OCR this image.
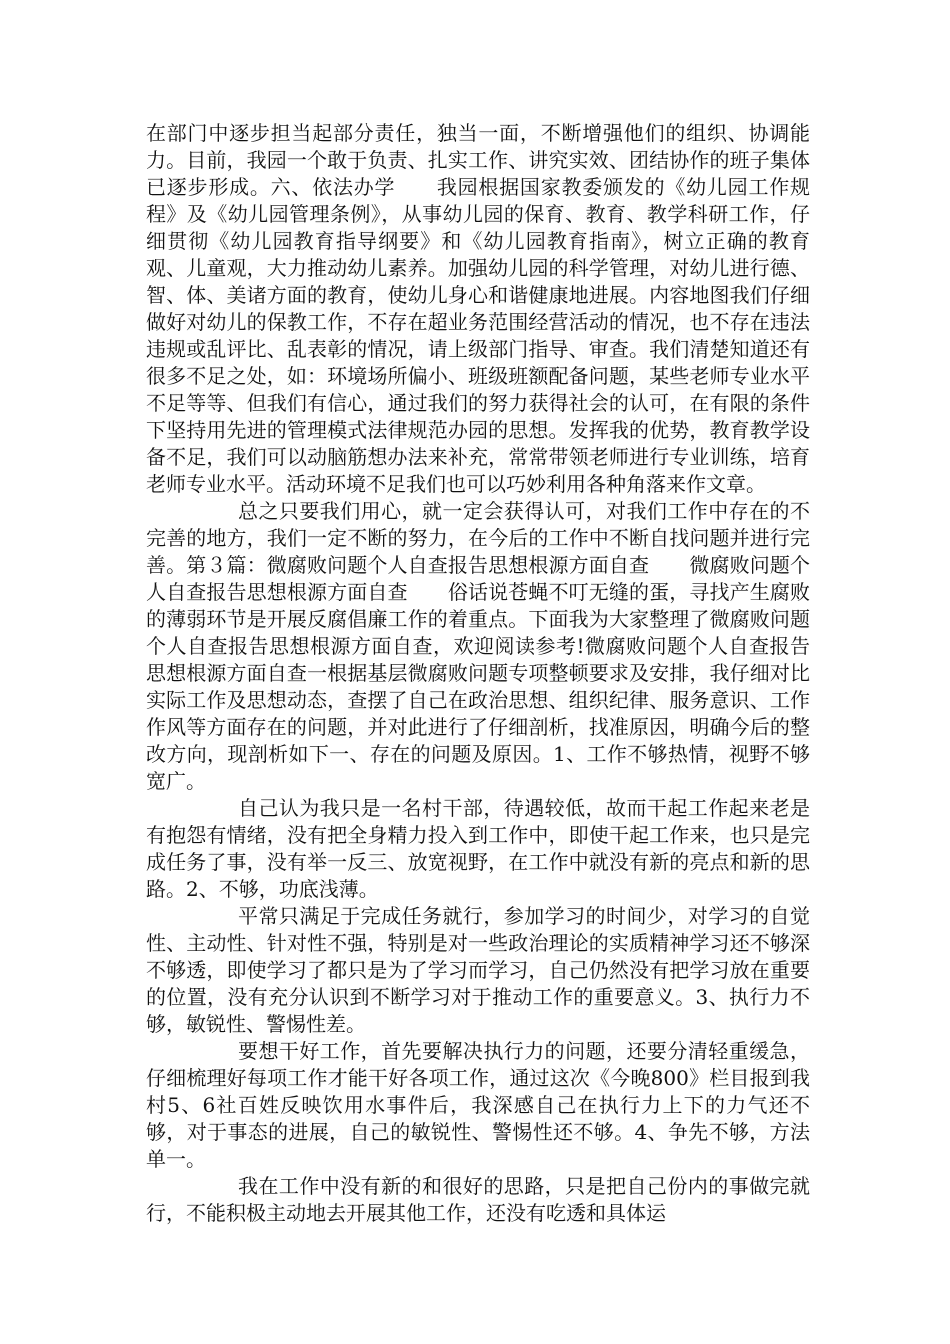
在部门中逐步担当起部分责任，独当一面，不断增强他们的组织、协调能力。目前，我园一个敢于负责、扎实工作、讲究实效、团结协作的班子集体已逐步形成。六、依法办学　　我园根据国家教委颁发的《幼儿园工作规程》及《幼儿园管理条例》，从事幼儿园的保育、教育、教学科研工作，仔细贯彻《幼儿园教育指导纲要》和《幼儿园教育指南》，树立正确的教育观、儿童观，大力推动幼儿素养。加强幼儿园的科学管理，对幼儿进行德、智、体、美诸方面的教育，使幼儿身心和谐健康地进展。内容地图我们仔细做好对幼儿的保教工作，不存在超业务范围经营活动的情况，也不存在违法违规或乱评比、乱表彰的情况，请上级部门指导、审查。我们清楚知道还有很多不足之处，如：环境场所偏小、班级班额配备问题，某些老师专业水平不足等等、但我们有信心，通过我们的努力获得社会的认可，在有限的条件下坚持用先进的管理模式法律规范办园的思想。发挥我的优势，教育教学设备不足，我们可以动脑筋想办法来补充，常常带领老师进行专业训练，培育老师专业水平。活动环境不足我们也可以巧妙利用各种角落来作文章。

总之只要我们用心，就一定会获得认可，对我们工作中存在的不完善的地方，我们一定不断的努力，在今后的工作中不断自找问题并进行完善。第３篇：微腐败问题个人自查报告思想根源方面自查　　微腐败问题个人自查报告思想根源方面自查　　俗话说苍蝇不叮无缝的蛋，寻找产生腐败的薄弱环节是开展反腐倡廉工作的着重点。下面我为大家整理了微腐败问题个人自查报告思想根源方面自查，欢迎阅读参考!微腐败问题个人自查报告思想根源方面自查一根据基层微腐败问题专项整顿要求及安排，我仔细对比实际工作及思想动态，查摆了自己在政治思想、组织纪律、服务意识、工作作风等方面存在的问题，并对此进行了仔细剖析，找准原因，明确今后的整改方向，现剖析如下一、存在的问题及原因。1、工作不够热情，视野不够宽广。

自己认为我只是一名村干部，待遇较低，故而干起工作起来老是有抱怨有情绪，没有把全身精力投入到工作中，即使干起工作来，也只是完成任务了事，没有举一反三、放宽视野，在工作中就没有新的亮点和新的思路。2、不够，功底浅薄。

平常只满足于完成任务就行，参加学习的时间少，对学习的自觉性、主动性、针对性不强，特别是对一些政治理论的实质精神学习还不够深不够透，即使学习了都只是为了学习而学习，自己仍然没有把学习放在重要的位置，没有充分认识到不断学习对于推动工作的重要意义。3、执行力不够，敏锐性、警惕性差。

要想干好工作，首先要解决执行力的问题，还要分清轻重缓急，仔细梳理好每项工作才能干好各项工作，通过这次《今晚800》栏目报到我村5、6社百姓反映饮用水事件后，我深感自己在执行力上下的力气还不够，对于事态的进展，自己的敏锐性、警惕性还不够。4、争先不够，方法单一。

我在工作中没有新的和很好的思路，只是把自己份内的事做完就行，不能积极主动地去开展其他工作，还没有吃透和具体运
